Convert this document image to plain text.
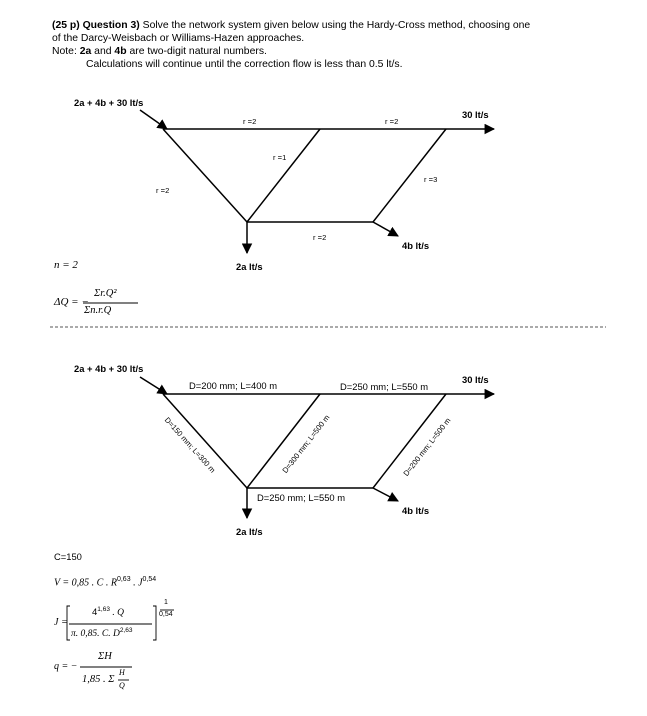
(25 p) Question 3) Solve the network system given below using the Hardy-Cross method, choosing one
of the Darcy-Weisbach or Williams-Hazen approaches.
Note: 2a and 4b are two-digit natural numbers.
Calculations will continue until the correction flow is less than 0.5 lt/s.
2a + 4b + 30 lt/s
30 lt/s
r =2	r =2
r =1
r =3
r =2
r =2
4b lt/s
2a lt/s
n = 2
ΔQ = −
Σr.Q²
Σn.r.Q
2a + 4b + 30 lt/s
30 lt/s
D=200 mm; L=400 m	D=250 mm; L=550 m
D=150 mm; L=300 m	D=300 mm; L=500 m	D=200 mm; L=500 m
D=250 mm; L=550 m
4b lt/s
2a lt/s
C=150
V = 0,85 . C . R$^{0,63}$ . J$^{0,54}$
J =
$4^{1,63}$ . Q
π. 0,85. C. D$^{2,63}$
1
0,54
q = −
ΣH
1,85 . Σ
H
Q
